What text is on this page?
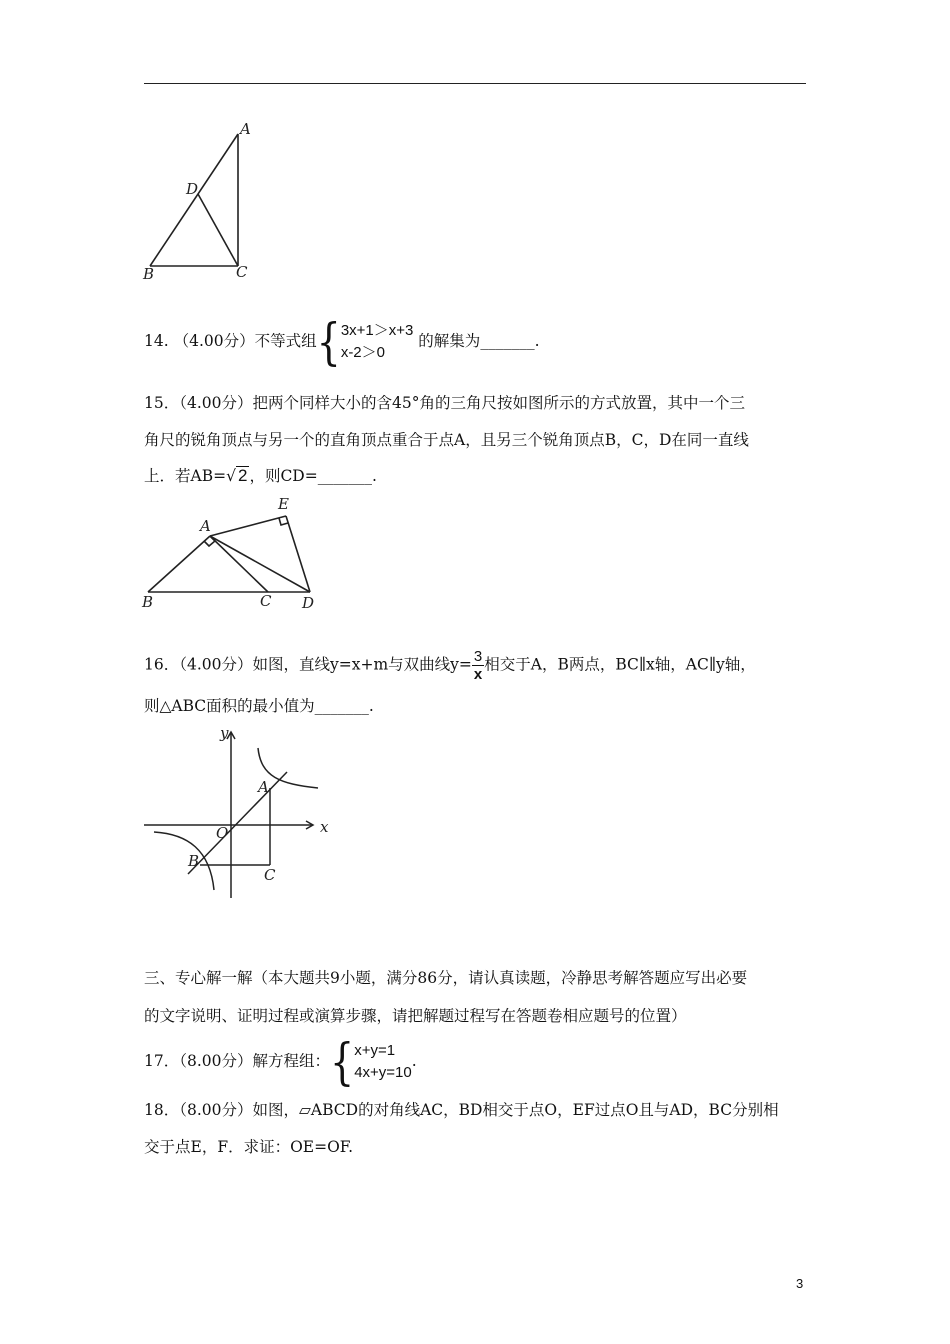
A
D
B	C
14. （4.00分）不等式组{ 3x+1＞x+3
x-2＞0
的解集为_______.
15．（4.00分）把两个同样大小的含45°角的三角尺按如图所示的方式放置，其中一个三
角尺的锐角顶点与另一个的直角顶点重合于点A，且另三个锐角顶点B，C，D在同一直线
上．若AB=√ 2 ，则CD=_______.
A
E
B	C D
16．（4.00分）如图，直线y=x+m与双曲线$y= \frac{3}{x}$ 相交于A，B两点，BC∥x轴，AC∥y轴，
则△ABC面积的最小值为_______.
y
x
O
A
B
C
三、专心解一解（本大题共9小题，满分86分，请认真读题，冷静思考解答题应写出必要
的文字说明、证明过程或演算步骤，请把解题过程写在答题卷相应题号的位置）
17．（8.00分）解方程组：{ x+y=1
4x+y=10
.
18．（8.00分）如图，▱ABCD的对角线AC，BD相交于点O，EF过点O且与AD，BC分别相
交于点E，F．求证：OE=OF.
3
